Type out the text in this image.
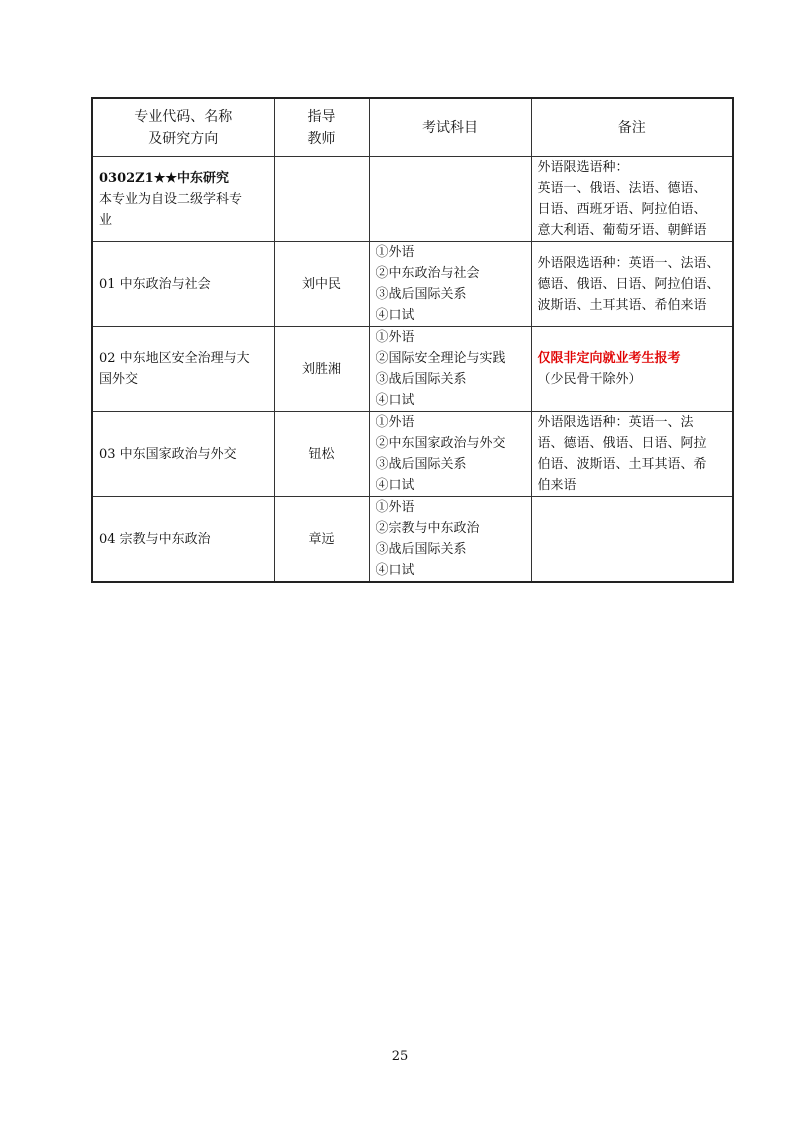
专业代码、名称
及研究方向	指导
教师	考试科目	备注

0302Z1★★中东研究
本专业为自设二级学科专
业			外语限选语种：
英语一、俄语、法语、德语、
日语、西班牙语、阿拉伯语、
意大利语、葡萄牙语、朝鲜语

01 中东政治与社会	刘中民	①外语
②中东政治与社会
③战后国际关系
④口试	外语限选语种：英语一、法语、
德语、俄语、日语、阿拉伯语、
波斯语、土耳其语、希伯来语

02 中东地区安全治理与大
国外交	刘胜湘	①外语
②国际安全理论与实践
③战后国际关系
④口试	仅限非定向就业考生报考
（少民骨干除外）

03 中东国家政治与外交	钮松	①外语
②中东国家政治与外交
③战后国际关系
④口试	外语限选语种：英语一、法
语、德语、俄语、日语、阿拉
伯语、波斯语、土耳其语、希
伯来语

04 宗教与中东政治	章远	①外语
②宗教与中东政治
③战后国际关系
④口试	

25
